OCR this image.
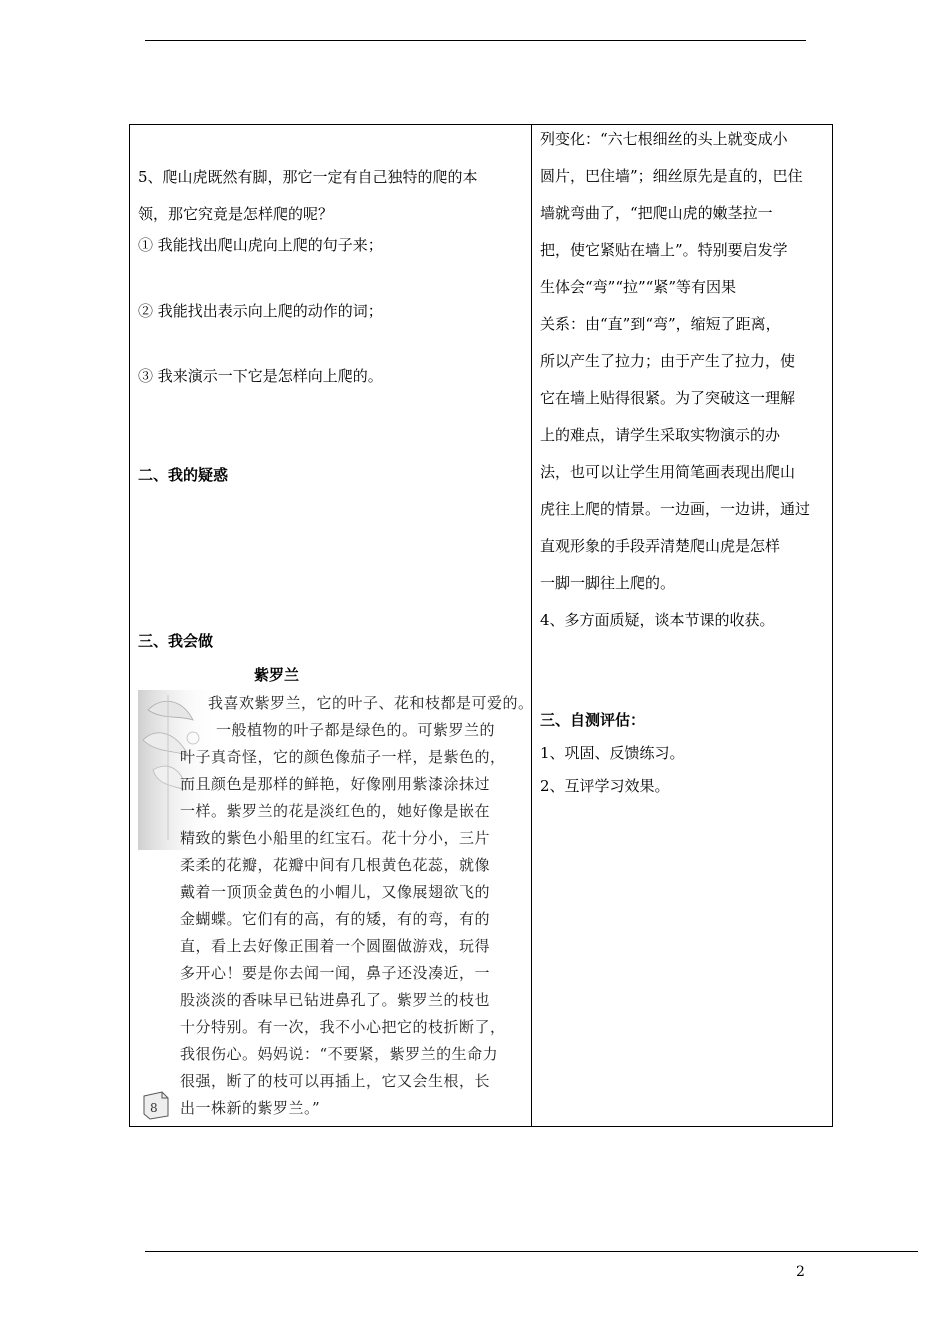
5、爬山虎既然有脚，那它一定有自己独特的爬的本
领，那它究竟是怎样爬的呢？
① 我能找出爬山虎向上爬的句子来；
② 我能找出表示向上爬的动作的词；
③ 我来演示一下它是怎样向上爬的。
二、我的疑惑
三、我会做
紫罗兰
我喜欢紫罗兰，它的叶子、花和枝都是可爱的。
一般植物的叶子都是绿色的。可紫罗兰的
叶子真奇怪，它的颜色像茄子一样，是紫色的，
而且颜色是那样的鲜艳，好像刚用紫漆涂抹过
一样。紫罗兰的花是淡红色的，她好像是嵌在
精致的紫色小船里的红宝石。花十分小，三片
柔柔的花瓣，花瓣中间有几根黄色花蕊，就像
戴着一顶顶金黄色的小帽儿，又像展翅欲飞的
金蝴蝶。它们有的高，有的矮，有的弯，有的
直，看上去好像正围着一个圆圈做游戏，玩得
多开心！要是你去闻一闻，鼻子还没凑近，一
股淡淡的香味早已钻进鼻孔了。紫罗兰的枝也
十分特别。有一次，我不小心把它的枝折断了，
我很伤心。妈妈说：“不要紧，紫罗兰的生命力
很强，断了的枝可以再插上，它又会生根，长
出一株新的紫罗兰。”
8
列变化：“六七根细丝的头上就变成小
圆片，巴住墙”；细丝原先是直的，巴住
墙就弯曲了，“把爬山虎的嫩茎拉一
把，使它紧贴在墙上”。特别要启发学
生体会“弯”“拉”“紧”等有因果
关系：由“直”到“弯”，缩短了距离，
所以产生了拉力；由于产生了拉力，使
它在墙上贴得很紧。为了突破这一理解
上的难点，请学生采取实物演示的办
法，也可以让学生用简笔画表现出爬山
虎往上爬的情景。一边画，一边讲，通过
直观形象的手段弄清楚爬山虎是怎样
一脚一脚往上爬的。
4、多方面质疑，谈本节课的收获。
三、自测评估：
1、巩固、反馈练习。
2、互评学习效果。
2
